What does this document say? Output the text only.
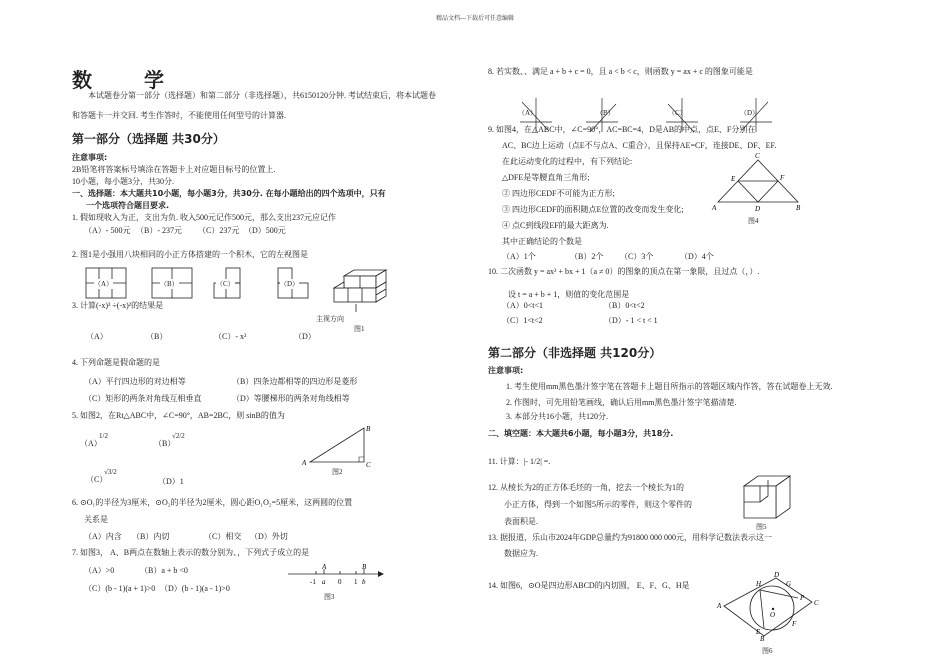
精品文档---下载后可任意编辑
数学
本试题卷分第一部分（选择题）和第二部分（非选择题），共6150120分钟. 考试结束后，将本试题卷
和答题卡一并交回. 考生作答时，不能使用任何型号的计算器.
第一部分（选择题 共30分）
注意事项:
2B铅笔将答案标号填涂在答题卡上对应题目标号的位置上.
10小题，每小题3分，共30分.
一、选择题：本大题共10小题，每小题3分，共30分. 在每小题给出的四个选项中，只有
一个选项符合题目要求.
1. 假如现收入为正，支出为负. 收入500元记作500元，那么支出237元应记作
（A）- 500元 （B）- 237元 （C）237元 （D）500元
2. 图1是小强用八块相同的小正方体搭建的一个积木，它的左视图是
（A）	（B）	（C）	（D）
主视方向
图1
3. 计算(-x)³ ÷(-x)²的结果是
（A）	（B）	（C）- x²	（D）
4. 下列命题是假命题的是
（A）平行四边形的对边相等	（B）四条边都相等的四边形是菱形
（C）矩形的两条对角线互相垂直	（D）等腰梯形的两条对角线相等
5. 如图2，在Rt△ABC中，∠C=90°，AB=2BC，则 sinB的值为
（A）
1/2
（B）
√2/2
（C）
√3/2
（D）1
A
B
C
图2
6. ⊙O₁的半径为3厘米，⊙O₂的半径为2厘米，圆心距O₁O₂=5厘米，这两圆的位置
关系是
（A）内含 （B）内切	（C）相交 （D）外切
7. 如图3， A、B两点在数轴上表示的数分别为、，下列式子成立的是
（A）>0	（B）a + b <0
（C）(b - 1)(a + 1)>0 （D）(b - 1)(a - 1)>0
A	B
-1 a 0 1 b
图3
8. 若实数、、满足 a + b + c = 0，且 a < b < c，则函数 y = ax + c 的图象可能是
（A）	（B）	（C）	（D）
9. 如图4，在△ABC中，∠C=90°，AC=BC=4，D是AB的中点，点E、F分别在
AC、BC边上运动（点E不与点A、C重合），且保持AE=CF，连接DE、DF、EF.
在此运动变化的过程中，有下列结论:
△DFE是等腰直角三角形;
② 四边形CEDF不可能为正方形;
③ 四边形CEDF的面积随点E位置的改变而发生变化;
④ 点C到线段EF的最大距离为.
其中正确结论的个数是
（A）1个	（B）2个 （C）3个	（D）4个
A	B
C
D
E	F
图4
10. 二次函数 y = ax² + bx + 1（a ≠ 0）的图象的顶点在第一象限，且过点（，）.
设 t = a + b + 1，则值的变化范围是
（A）0<t<1	（B）0<t<2
（C）1<t<2	（D）- 1 < t < 1
第二部分（非选择题 共120分）
注意事项:
1. 考生使用mm黑色墨汁签字笔在答题卡上题目所指示的答题区域内作答，答在试题卷上无效.
2. 作图时，可先用铅笔画线，确认后用mm黑色墨汁签字笔描清楚.
3. 本部分共16小题，共120分.
二、填空题：本大题共6小题，每小题3分，共18分.
11. 计算：|- 1/2| =.
12. 从棱长为2的正方体毛坯的一角，挖去一个棱长为1的
小正方体，得到一个如图5所示的零件，则这个零件的
表面积是.
图5
13. 据报道，乐山市2024年GDP总量约为91800 000 000元，用科学记数法表示这一
数据应为.
14. 如图6，⊙O是四边形ABCD的内切圆， E、F、G、H是
A
B
C
D
E
F
G
H
O
P
图6
